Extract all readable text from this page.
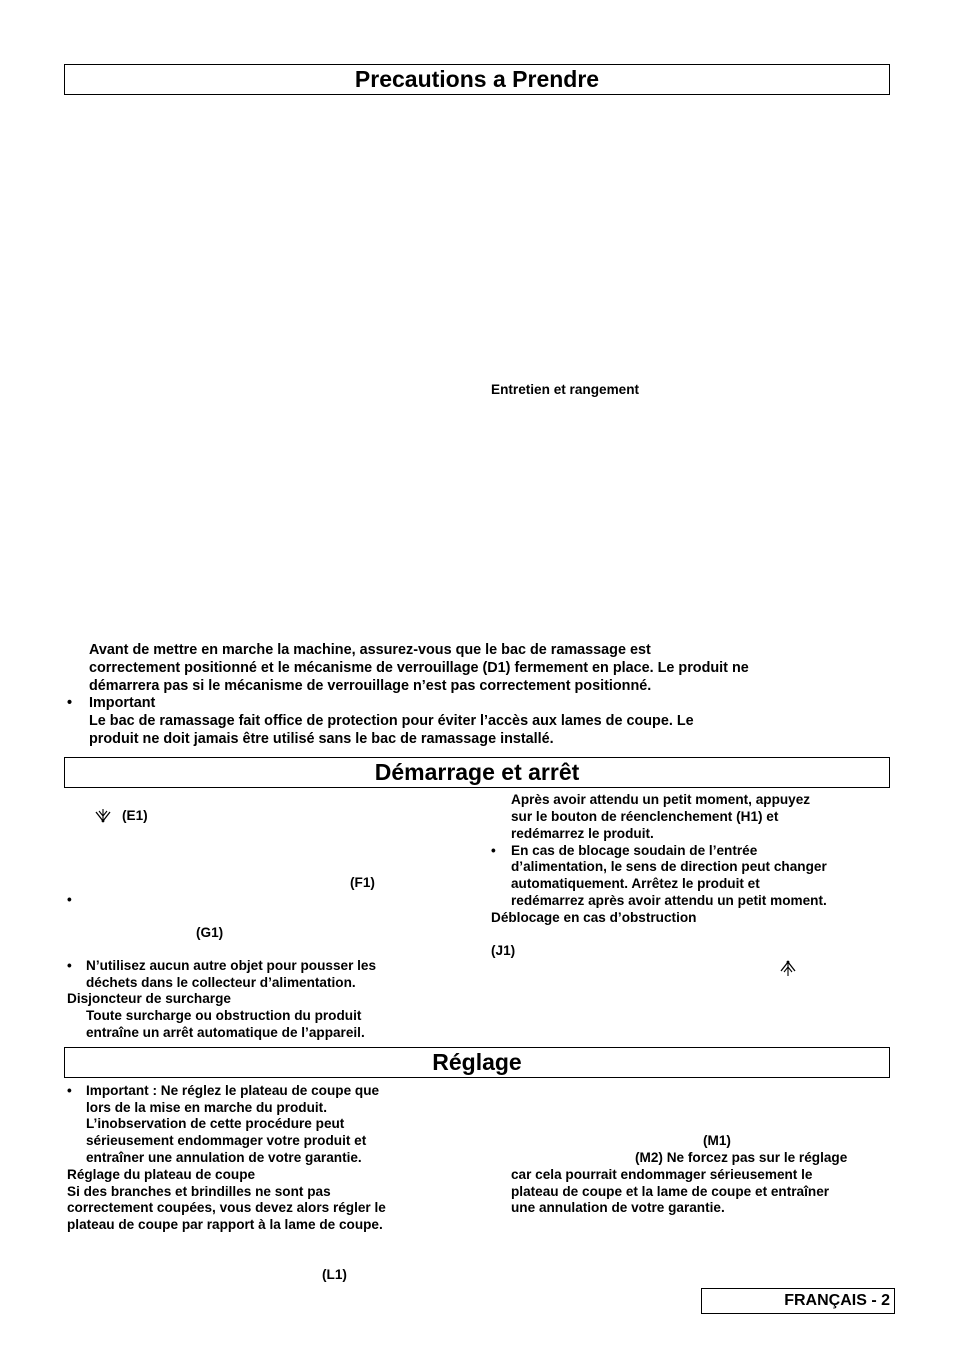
Precautions a Prendre
Entretien et rangement
Avant de mettre en marche la machine, assurez-vous que le bac de ramassage est
correctement positionné et le mécanisme de verrouillage (D1) fermement en place. Le produit ne
démarrera pas si le mécanisme de verrouillage n’est pas correctement positionné.
• Important
Le bac de ramassage fait office de protection pour éviter l’accès aux lames de coupe. Le
produit ne doit jamais être utilisé sans le bac de ramassage installé.
Démarrage et arrêt
(E1)
(F1)
•
(G1)
• N’utilisez aucun autre objet pour pousser les
déchets dans le collecteur d’alimentation.
Disjoncteur de surcharge
Toute surcharge ou obstruction du produit
entraîne un arrêt automatique de l’appareil.
Après avoir attendu un petit moment, appuyez
sur le bouton de réenclenchement (H1) et
redémarrez le produit.
• En cas de blocage soudain de l’entrée
d’alimentation, le sens de direction peut changer
automatiquement. Arrêtez le produit et
redémarrez après avoir attendu un petit moment.
Déblocage en cas d’obstruction
(J1)
Réglage
• Important : Ne réglez le plateau de coupe que
lors de la mise en marche du produit.
L’inobservation de cette procédure peut
sérieusement endommager votre produit et
entraîner une annulation de votre garantie.
Réglage du plateau de coupe
Si des branches et brindilles ne sont pas
correctement coupées, vous devez alors régler le
plateau de coupe par rapport à la lame de coupe.
(L1)
(M1)
(M2) Ne forcez pas sur le réglage
car cela pourrait endommager sérieusement le
plateau de coupe et la lame de coupe et entraîner
une annulation de votre garantie.
FRANÇAIS - 2
